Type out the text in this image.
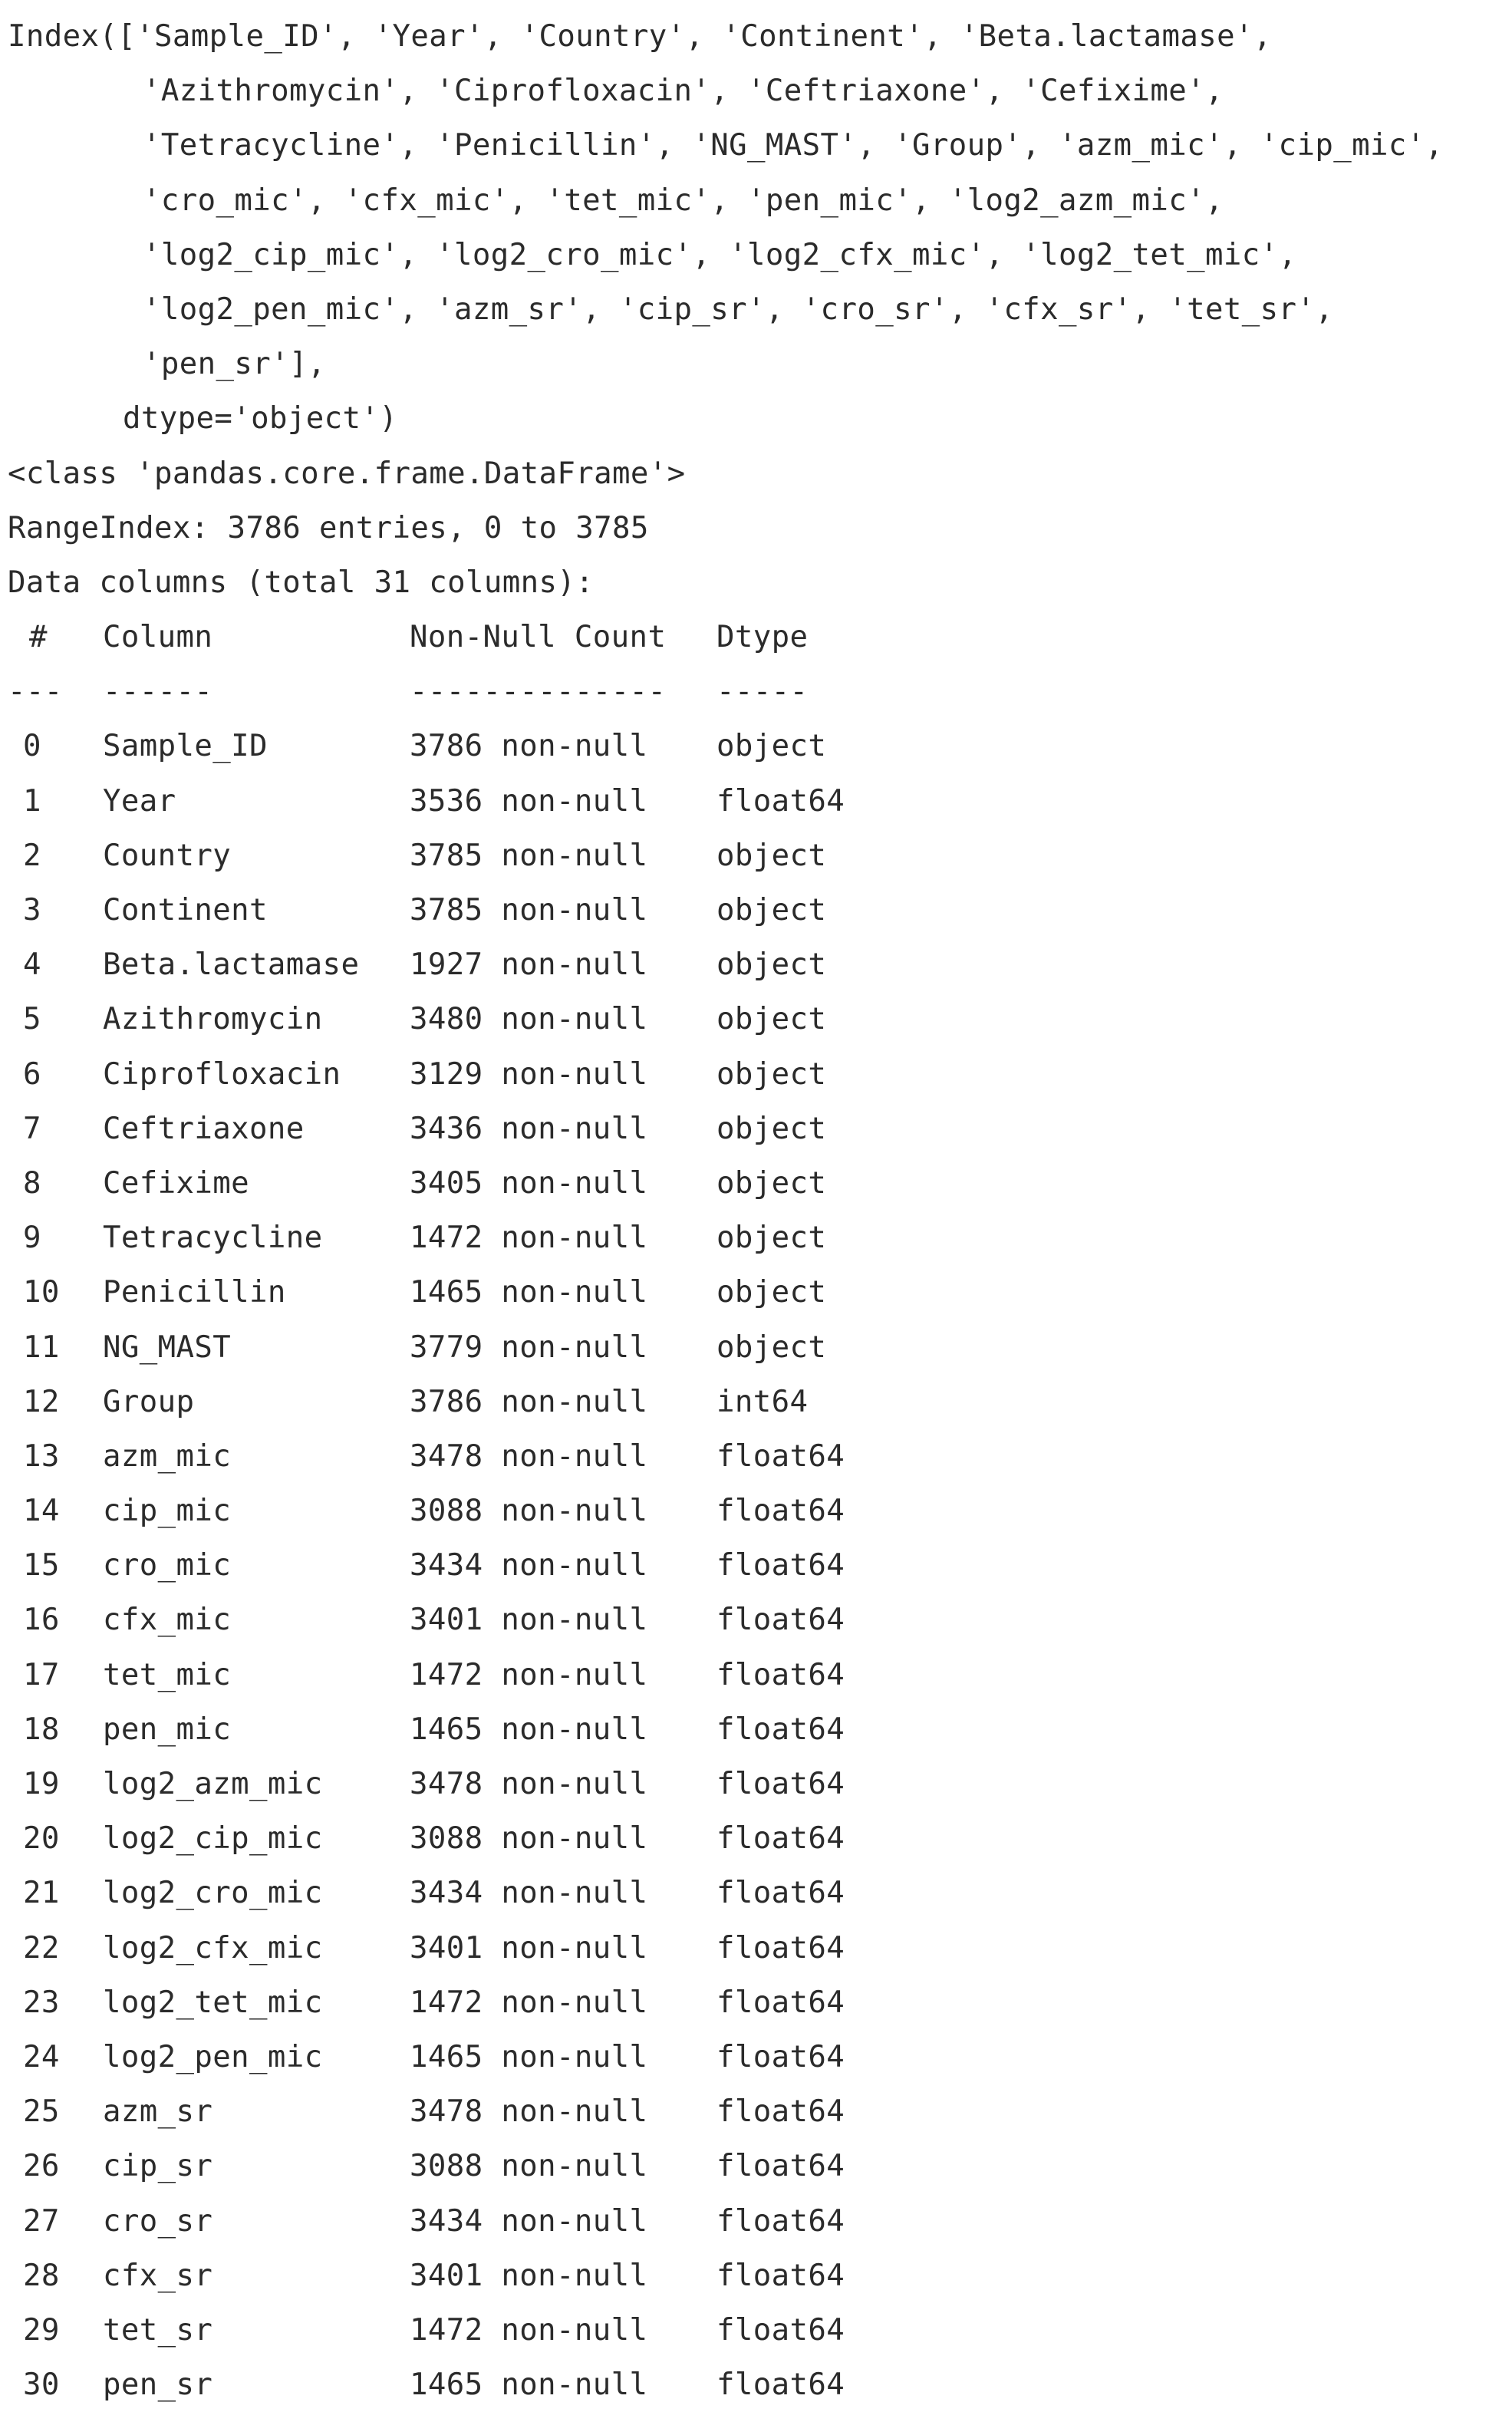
Index(['Sample_ID', 'Year', 'Country', 'Continent', 'Beta.lactamase',
'Azithromycin', 'Ciprofloxacin', 'Ceftriaxone', 'Cefixime',
'Tetracycline', 'Penicillin', 'NG_MAST', 'Group', 'azm_mic', 'cip_mic',
'cro_mic', 'cfx_mic', 'tet_mic', 'pen_mic', 'log2_azm_mic',
'log2_cip_mic', 'log2_cro_mic', 'log2_cfx_mic', 'log2_tet_mic',
'log2_pen_mic', 'azm_sr', 'cip_sr', 'cro_sr', 'cfx_sr', 'tet_sr',
'pen_sr'],
dtype='object')
<class 'pandas.core.frame.DataFrame'>
RangeIndex: 3786 entries, 0 to 3785
Data columns (total 31 columns):
#	Column	Non-Null Count	Dtype
---	------	--------------	-----
0	Sample_ID	3786 non-null	object
1	Year	3536 non-null	float64
2	Country	3785 non-null	object
3	Continent	3785 non-null	object
4	Beta.lactamase	1927 non-null	object
5	Azithromycin	3480 non-null	object
6	Ciprofloxacin	3129 non-null	object
7	Ceftriaxone	3436 non-null	object
8	Cefixime	3405 non-null	object
9	Tetracycline	1472 non-null	object
10	Penicillin	1465 non-null	object
11	NG_MAST	3779 non-null	object
12	Group	3786 non-null	int64
13	azm_mic	3478 non-null	float64
14	cip_mic	3088 non-null	float64
15	cro_mic	3434 non-null	float64
16	cfx_mic	3401 non-null	float64
17	tet_mic	1472 non-null	float64
18	pen_mic	1465 non-null	float64
19	log2_azm_mic	3478 non-null	float64
20	log2_cip_mic	3088 non-null	float64
21	log2_cro_mic	3434 non-null	float64
22	log2_cfx_mic	3401 non-null	float64
23	log2_tet_mic	1472 non-null	float64
24	log2_pen_mic	1465 non-null	float64
25	azm_sr	3478 non-null	float64
26	cip_sr	3088 non-null	float64
27	cro_sr	3434 non-null	float64
28	cfx_sr	3401 non-null	float64
29	tet_sr	1472 non-null	float64
30	pen_sr	1465 non-null	float64
